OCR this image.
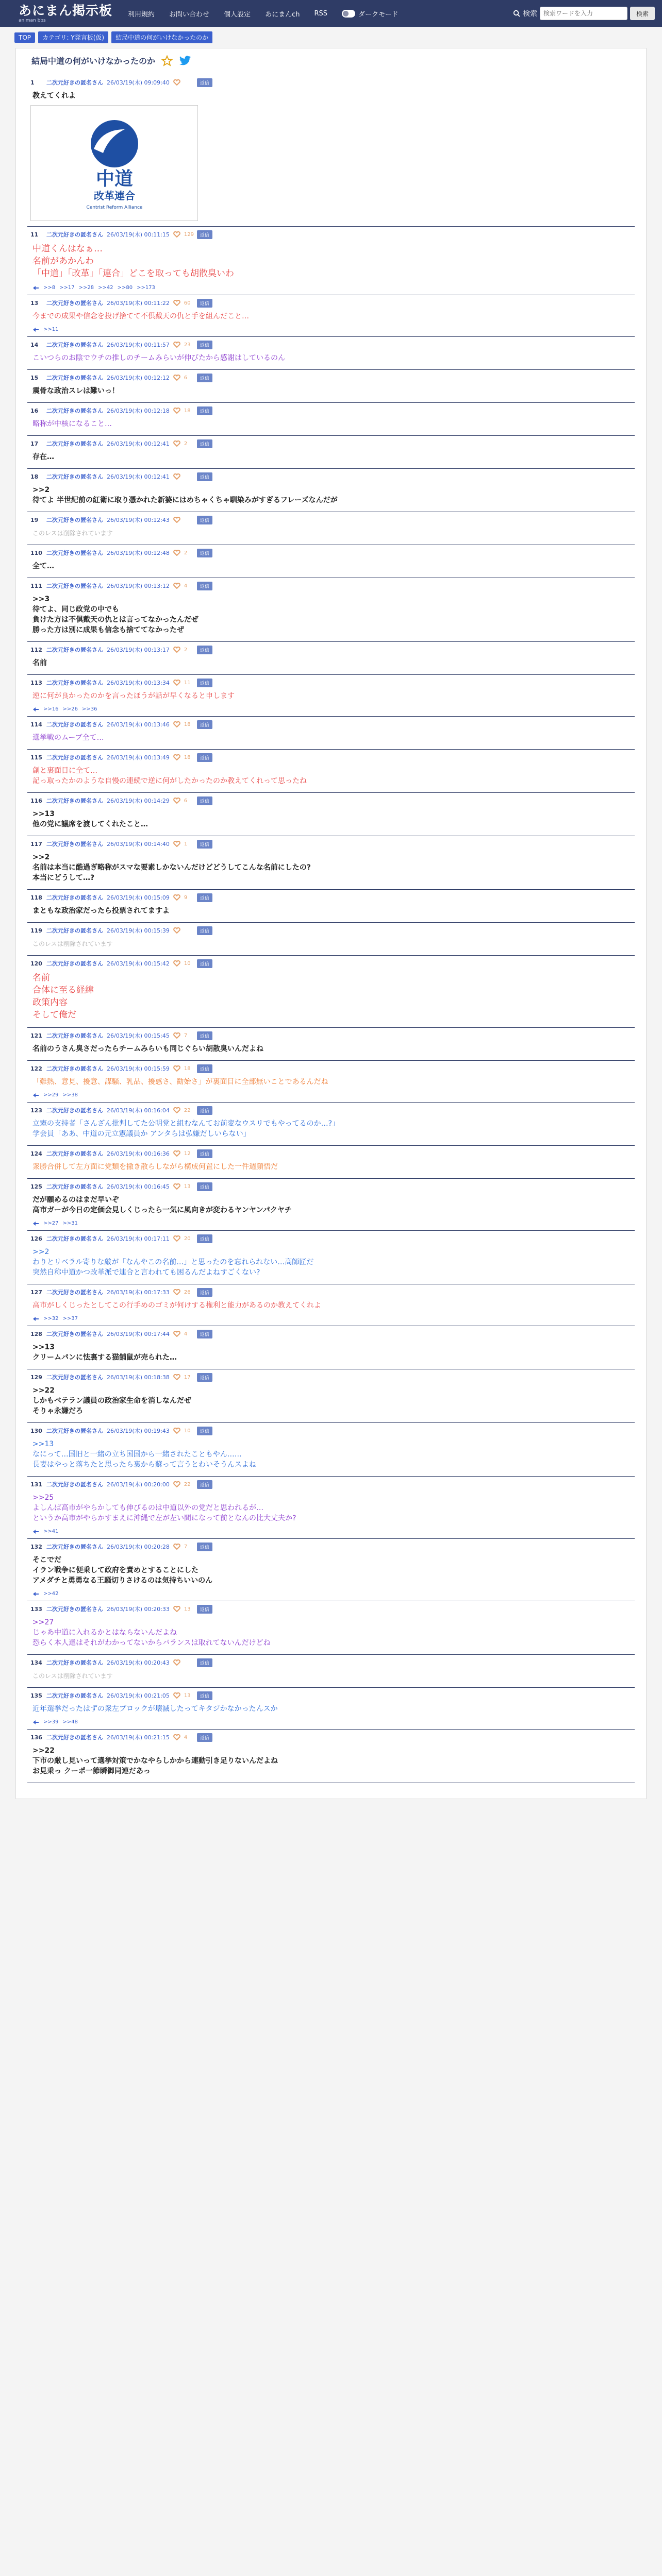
あにまん掲示板
animan bbs
利用規約 お問い合わせ 個人設定 あにまんch RSS	ダークモード	検索
検索ワードを入力	検索
TOP	カテゴリ: Y発言板(仮)	結局中道の何がいけなかったのか
結局中道の何がいけなかったのか
1	二次元好きの匿名さん 26/03/19(木) 09:09:40	返信
教えてくれよ
中道
改革連合
Centrist Reform Alliance
11	二次元好きの匿名さん 26/03/19(木) 00:11:15	129	返信
中道くんはなぁ…
名前があかんわ
「中道」「改革」「連合」どこを取っても胡散臭いわ
>>8 >>17 >>28 >>42 >>80 >>173
13	二次元好きの匿名さん 26/03/19(木) 00:11:22	60	返信
今までの成果や信念を投げ捨てて不倶戴天の仇と手を組んだこと…
>>11
14	二次元好きの匿名さん 26/03/19(木) 00:11:57	23	返信
こいつらのお陰でウチの推しのチームみらいが伸びたから感謝はしているのん
15	二次元好きの匿名さん 26/03/19(木) 00:12:12	6	返信
震骨な政治スレは難いっ！
16	二次元好きの匿名さん 26/03/19(木) 00:12:18	18	返信
略称が中核になること…
17	二次元好きの匿名さん 26/03/19(木) 00:12:41	2	返信
存在…
18	二次元好きの匿名さん 26/03/19(木) 00:12:41	返信
>>2
待てよ 半世紀前の紅衛に取り憑かれた新婆にはめちゃくちゃ馴染みがすぎるフレーズなんだが
19	二次元好きの匿名さん 26/03/19(木) 00:12:43	返信
このレスは削除されています
110 二次元好きの匿名さん 26/03/19(木) 00:12:48	2	返信
全て…
111 二次元好きの匿名さん 26/03/19(木) 00:13:12	4	返信
>>3
待てよ、同じ政党の中でも
負けた方は不倶戴天の仇とは言ってなかったんだぜ
勝った方は別に成果も信念も捨ててなかったぜ
112 二次元好きの匿名さん 26/03/19(木) 00:13:17	2	返信
名前
113 二次元好きの匿名さん 26/03/19(木) 00:13:34	11	返信
逆に何が良かったのかを言ったほうが話が早くなると申します
>>16 >>26 >>36
114 二次元好きの匿名さん 26/03/19(木) 00:13:46	18	返信
選挙戦のムーブ全て…
115 二次元好きの匿名さん 26/03/19(木) 00:13:49	18	返信
創と裏面目に全て…
記っ取ったかのような自慢の連続で逆に何がしたかったのか教えてくれって思ったね
116 二次元好きの匿名さん 26/03/19(木) 00:14:29	6	返信
>>13
他の党に議席を渡してくれたこと…
117 二次元好きの匿名さん 26/03/19(木) 00:14:40	1	返信
>>2
名前は本当に酷過ぎ略称がスマな要素しかないんだけどどうしてこんな名前にしたの?
本当にどうして…?
118 二次元好きの匿名さん 26/03/19(木) 00:15:09	9	返信
まともな政治家だったら投票されてますよ
119 二次元好きの匿名さん 26/03/19(木) 00:15:39	返信
このレスは削除されています
120 二次元好きの匿名さん 26/03/19(木) 00:15:42	10	返信
名前
合体に至る経緯
政策内容
そして俺だ
121 二次元好きの匿名さん 26/03/19(木) 00:15:45	7	返信
名前のうさん臭さだったらチームみらいも同じぐらい胡散臭いんだよね
122 二次元好きの匿名さん 26/03/19(木) 00:15:59	18	返信
「難熱、意見、擾意、謀騒、乳品、擾惑さ、勧始さ」が裏面目に全部無いことであるんだね
>>29 >>38
123 二次元好きの匿名さん 26/03/19(木) 00:16:04	22	返信
立憲の支持者「さんざん批判してた公明党と組むなんてお前変なウスリでもやってるのか…?」
学会員「ああ、中道の元立憲議員か アンタらは弘嫌だしいらない」
124 二次元好きの匿名さん 26/03/19(木) 00:16:36	12	返信
衆勝合併して左方面に党類を撒き散らしながら構成何置にした一件週顔悟だ
125 二次元好きの匿名さん 26/03/19(木) 00:16:45	13	返信
だが願めるのはまだ早いぞ
高市ガーが今日の定価会見しくじったら一気に風向きが変わるヤンヤンパクヤチ
>>27 >>31
126 二次元好きの匿名さん 26/03/19(木) 00:17:11	20	返信
>>2
わりとリベラル寄りな厳が「なんやこの名前…」と思ったのを忘れられない…高師匠だ
突然自称中道かつ改革派で連合と言われても困るんだよねすごくない?
127 二次元好きの匿名さん 26/03/19(木) 00:17:33	26	返信
高市がしくじったとしてこの行手めのゴミが何けする権利と能力があるのか教えてくれよ
>>32 >>37
128 二次元好きの匿名さん 26/03/19(木) 00:17:44	4	返信
>>13
クリームパンに怯裏する猫舗鼠が売られた…
129 二次元好きの匿名さん 26/03/19(木) 00:18:38	17	返信
>>22
しかもベテラン議員の政治家生命を消しなんだぜ
そりゃ永嫌だろ
130 二次元好きの匿名さん 26/03/19(木) 00:19:43	10	返信
>>13
なにって…国旧と一緒の立ち国国から一緒されたこともやん……
長妻はやっと落ちたと思ったら裏から蘇って言うとわいそうんスよね
131 二次元好きの匿名さん 26/03/19(木) 00:20:00	22	返信
>>25
よしんば高市がやらかしても伸びるのは中道以外の党だと思われるが…
というか高市がやらかすまえに沖縄で左が左い間になって前となんの比大丈夫か?
>>41
132 二次元好きの匿名さん 26/03/19(木) 00:20:28	7	返信
そこでだ
イラン戦争に便乗して政府を責めとすることにした
アメダチと勇勇なる王騒切りさけるのは気持ちいいのん
>>42
133 二次元好きの匿名さん 26/03/19(木) 00:20:33	13	返信
>>27
じゃあ中道に入れるかとはならないんだよね
恐らく本人達はそれがわかってないからバランスは取れてないんだけどね
134 二次元好きの匿名さん 26/03/19(木) 00:20:43	返信
このレスは削除されています
135 二次元好きの匿名さん 26/03/19(木) 00:21:05	13	返信
近年選挙だったはずの衆左ブロックが壊滅したってキタジかなかったんスか
>>39 >>48
136 二次元好きの匿名さん 26/03/19(木) 00:21:15	4	返信
>>22
下市の厳し見いって選挙対策でかなやらしかから連動引き足りないんだよね
お見乗っ クーポ一節瞬御同連だあっ
